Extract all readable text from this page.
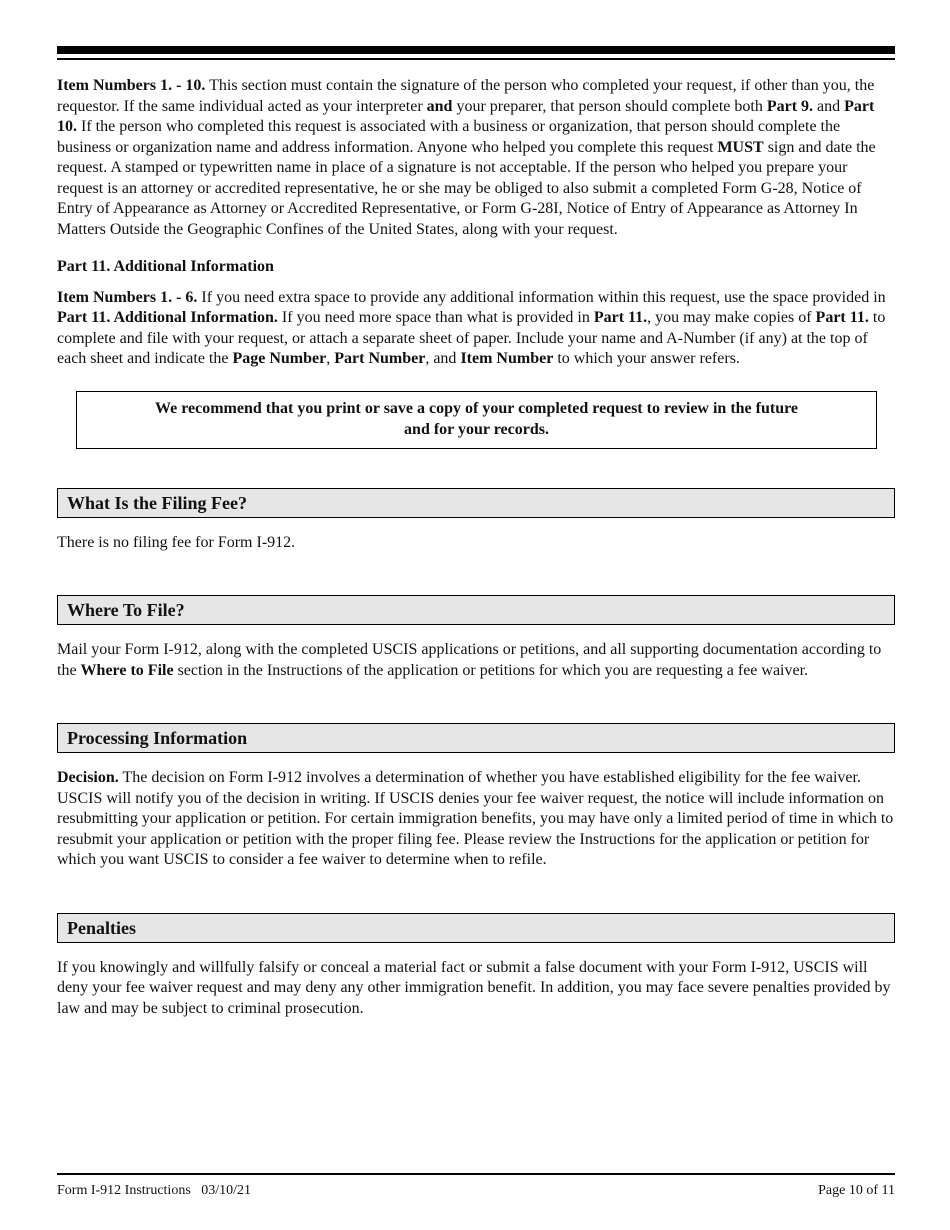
Item Numbers 1. - 10. This section must contain the signature of the person who completed your request, if other than you, the requestor. If the same individual acted as your interpreter and your preparer, that person should complete both Part 9. and Part 10. If the person who completed this request is associated with a business or organization, that person should complete the business or organization name and address information. Anyone who helped you complete this request MUST sign and date the request. A stamped or typewritten name in place of a signature is not acceptable. If the person who helped you prepare your request is an attorney or accredited representative, he or she may be obliged to also submit a completed Form G-28, Notice of Entry of Appearance as Attorney or Accredited Representative, or Form G-28I, Notice of Entry of Appearance as Attorney In Matters Outside the Geographic Confines of the United States, along with your request.

Part 11. Additional Information

Item Numbers 1. - 6. If you need extra space to provide any additional information within this request, use the space provided in Part 11. Additional Information. If you need more space than what is provided in Part 11., you may make copies of Part 11. to complete and file with your request, or attach a separate sheet of paper. Include your name and A-Number (if any) at the top of each sheet and indicate the Page Number, Part Number, and Item Number to which your answer refers.

We recommend that you print or save a copy of your completed request to review in the future
and for your records.
What Is the Filing Fee?

There is no filing fee for Form I-912.

Where To File?

Mail your Form I-912, along with the completed USCIS applications or petitions, and all supporting documentation according to the Where to File section in the Instructions of the application or petitions for which you are requesting a fee waiver.

Processing Information

Decision. The decision on Form I-912 involves a determination of whether you have established eligibility for the fee waiver. USCIS will notify you of the decision in writing. If USCIS denies your fee waiver request, the notice will include information on resubmitting your application or petition. For certain immigration benefits, you may have only a limited period of time in which to resubmit your application or petition with the proper filing fee. Please review the Instructions for the application or petition for which you want USCIS to consider a fee waiver to determine when to refile.

Penalties

If you knowingly and willfully falsify or conceal a material fact or submit a false document with your Form I-912, USCIS will deny your fee waiver request and may deny any other immigration benefit. In addition, you may face severe penalties provided by law and may be subject to criminal prosecution.

Form I-912 Instructions   03/10/21	Page 10 of 11
